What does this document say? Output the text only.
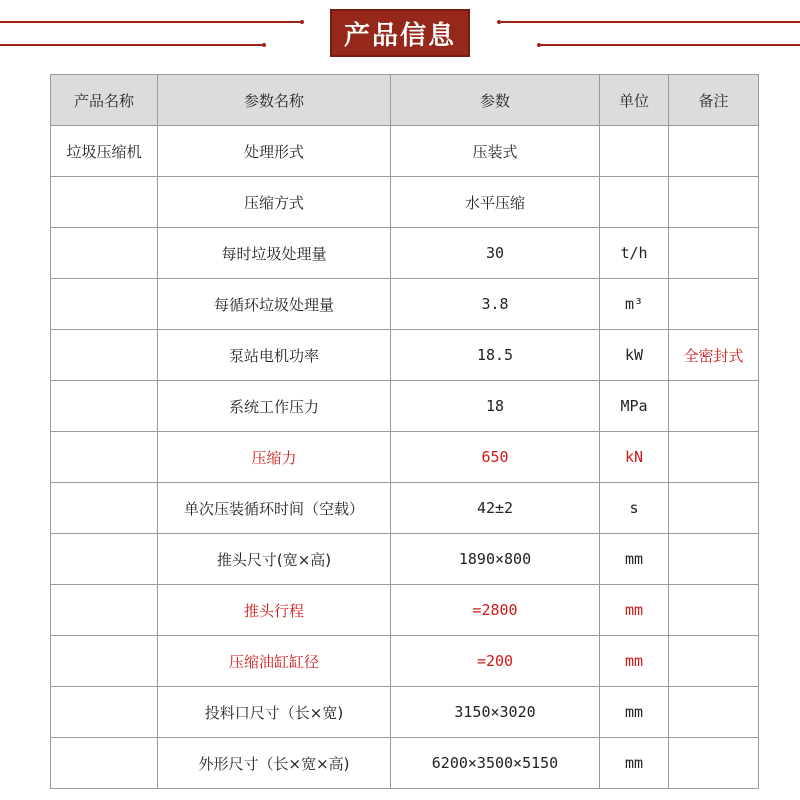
产品信息
产品名称	参数名称	参数	单位	备注
垃圾压缩机	处理形式	压装式		
	压缩方式	水平压缩		
	每时垃圾处理量	30	t/h	
	每循环垃圾处理量	3.8	m³	
	泵站电机功率	18.5	kW	全密封式
	系统工作压力	18	MPa	
	压缩力	650	kN	
	单次压装循环时间（空载）	42±2	s	
	推头尺寸(宽×高)	1890×800	mm	
	推头行程	=2800	mm	
	压缩油缸缸径	=200	mm	
	投料口尺寸（长×宽)	3150×3020	mm	
	外形尺寸（长×宽×高)	6200×3500×5150	mm	
